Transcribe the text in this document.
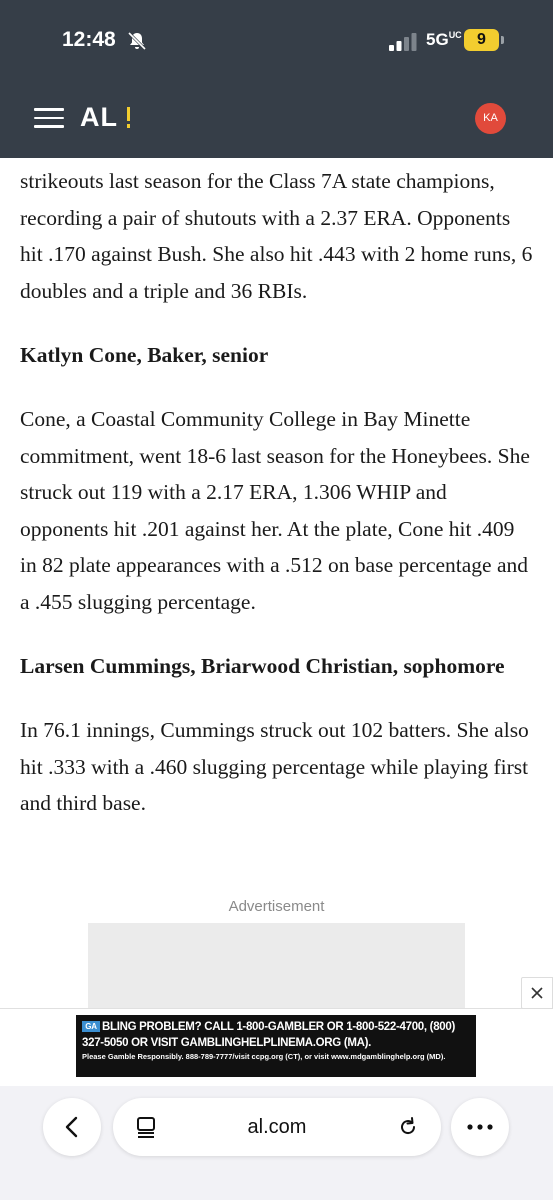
12:48	$5G^{UC}$ 9
AL	KA

strikeouts last season for the Class 7A state champions, recording a pair of shutouts with a 2.37 ERA. Opponents hit .170 against Bush. She also hit .443 with 2 home runs, 6 doubles and a triple and 36 RBIs.

Katlyn Cone, Baker, senior

Cone, a Coastal Community College in Bay Minette commitment, went 18-6 last season for the Honeybees. She struck out 119 with a 2.17 ERA, 1.306 WHIP and opponents hit .201 against her. At the plate, Cone hit .409 in 82 plate appearances with a .512 on base percentage and a .455 slugging percentage.

Larsen Cummings, Briarwood Christian, sophomore

In 76.1 innings, Cummings struck out 102 batters. She also hit .333 with a .460 slugging percentage while playing first and third base.

Advertisement
GA BLING PROBLEM? CALL 1-800-GAMBLER OR 1-800-522-4700, (800) 327-5050 OR VISIT GAMBLINGHELPLINEMA.ORG (MA).
Please Gamble Responsibly. 888-789-7777/visit ccpg.org (CT), or visit www.mdgamblinghelp.org (MD).
al.com
